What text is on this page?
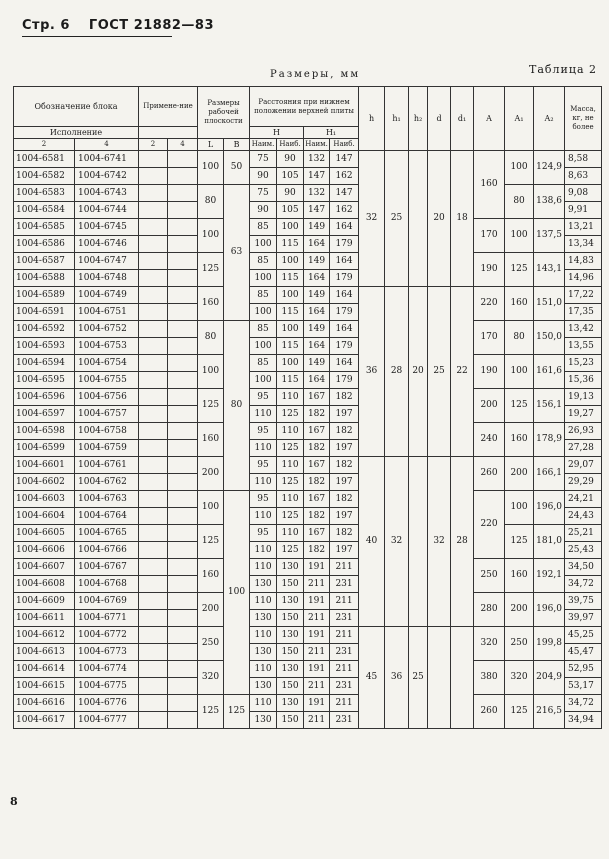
Стр. 6 ГОСТ 21882—83
Размеры, мм	Таблица 2
Обозначение блока		Примене-ние		Размеры рабочей плоскости		Расстояния при нижнем положении верхней плиты				h	h₁	h₂	d	d₁	A	A₁	A₂	Масса, кг, не более
Исполнение						H		H₁										
				L	B	Наим.	Наиб.	Наим.	Наиб.									
2	4	2	4															
1004-6581	1004-6741			100	50	75	90	132	147	32	25		20	18	160	100	124,9	8,58
1004-6582	1004-6742					90	105	147	162									8,63
1004-6583	1004-6743			80	63	75	90	132	147							80	138,6	9,08
1004-6584	1004-6744					90	105	147	162									9,91
1004-6585	1004-6745			100		85	100	149	164						170	100	137,5	13,21
1004-6586	1004-6746					100	115	164	179									13,34
1004-6587	1004-6747			125		85	100	149	164						190	125	143,1	14,83
1004-6588	1004-6748					100	115	164	179									14,96
1004-6589	1004-6749			160		85	100	149	164	36	28	20	25	22	220	160	151,0	17,22
1004-6591	1004-6751					100	115	164	179									17,35
1004-6592	1004-6752			80	80	85	100	149	164						170	80	150,0	13,42
1004-6593	1004-6753					100	115	164	179									13,55
1004-6594	1004-6754			100		85	100	149	164						190	100	161,6	15,23
1004-6595	1004-6755					100	115	164	179									15,36
1004-6596	1004-6756			125		95	110	167	182						200	125	156,1	19,13
1004-6597	1004-6757					110	125	182	197									19,27
1004-6598	1004-6758			160		95	110	167	182						240	160	178,9	26,93
1004-6599	1004-6759					110	125	182	197									27,28
1004-6601	1004-6761			200		95	110	167	182	40	32		32	28	260	200	166,1	29,07
1004-6602	1004-6762					110	125	182	197									29,29
1004-6603	1004-6763			100	100	95	110	167	182						220	100	196,0	24,21
1004-6604	1004-6764					110	125	182	197									24,43
1004-6605	1004-6765			125		95	110	167	182							125	181,0	25,21
1004-6606	1004-6766					110	125	182	197									25,43
1004-6607	1004-6767			160		110	130	191	211						250	160	192,1	34,50
1004-6608	1004-6768					130	150	211	231									34,72
1004-6609	1004-6769			200		110	130	191	211						280	200	196,0	39,75
1004-6611	1004-6771					130	150	211	231									39,97
1004-6612	1004-6772			250		110	130	191	211	45	36	25			320	250	199,8	45,25
1004-6613	1004-6773					130	150	211	231									45,47
1004-6614	1004-6774			320		110	130	191	211						380	320	204,9	52,95
1004-6615	1004-6775					130	150	211	231									53,17
1004-6616	1004-6776			125	125	110	130	191	211						260	125	216,5	34,72
1004-6617	1004-6777					130	150	211	231									34,94
8
